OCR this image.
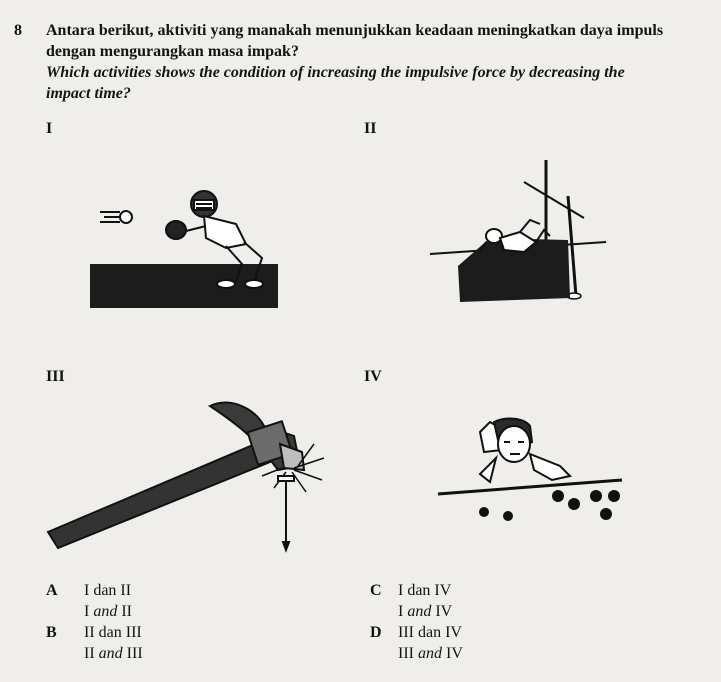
8 Antara berikut, aktiviti yang manakah menunjukkan keadaan meningkatkan daya impuls
dengan mengurangkan masa impak?
Which activities shows the condition of increasing the impulsive force by decreasing the
impact time?
I	II
III	IV
A I dan II
I and II
B II dan III
II and III
C I dan IV
I and IV
D III dan IV
III and IV
